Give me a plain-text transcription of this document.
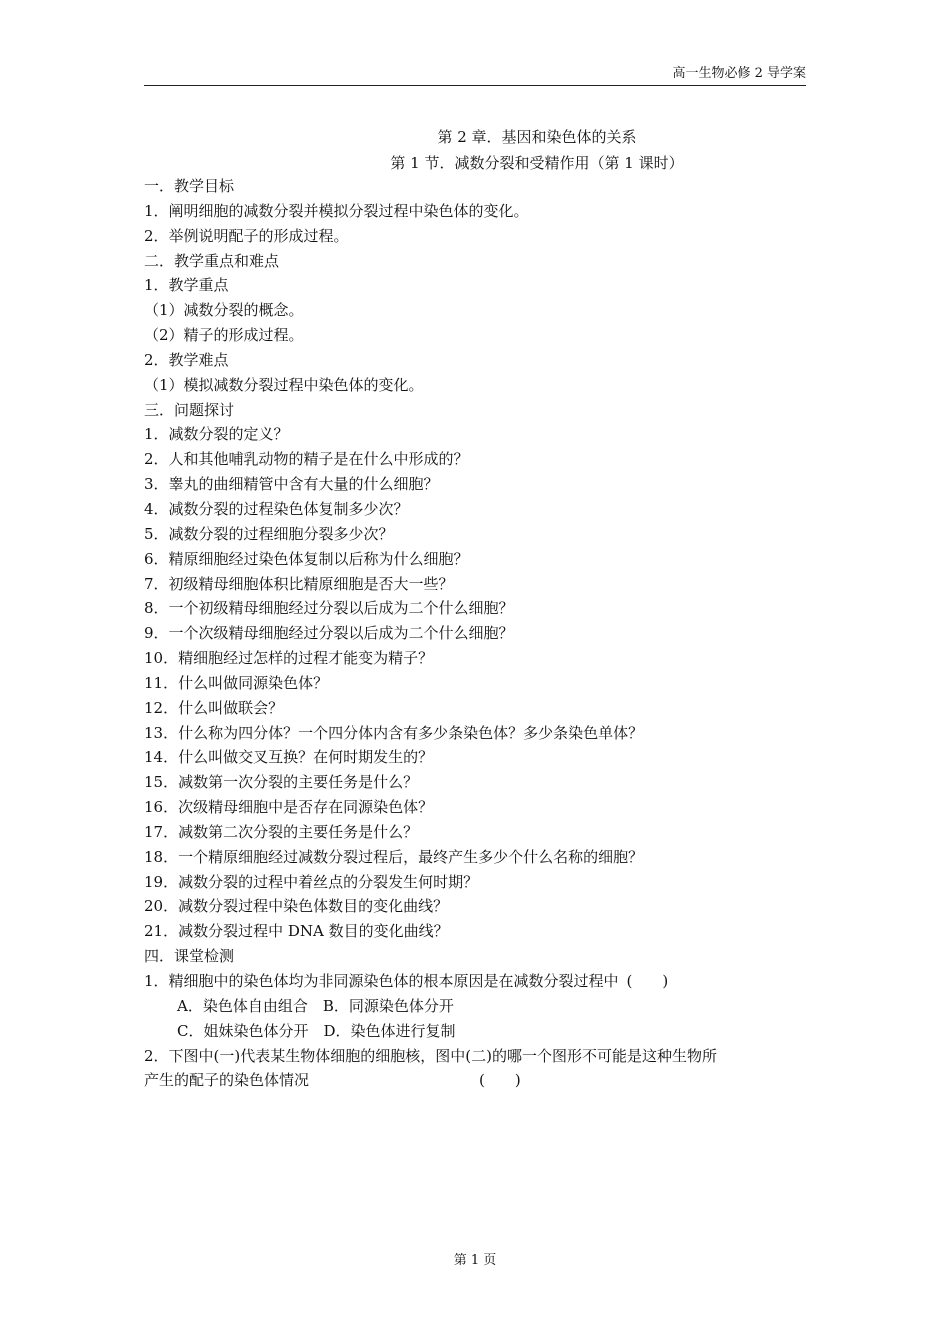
高一生物必修 2 导学案
第 2 章．基因和染色体的关系
第 1 节．减数分裂和受精作用（第 1 课时）
一．教学目标
1．阐明细胞的减数分裂并模拟分裂过程中染色体的变化。
2．举例说明配子的形成过程。
二．教学重点和难点
1．教学重点
（1）减数分裂的概念。
（2）精子的形成过程。
2．教学难点
（1）模拟减数分裂过程中染色体的变化。
三．问题探讨
1．减数分裂的定义？
2．人和其他哺乳动物的精子是在什么中形成的？
3．睾丸的曲细精管中含有大量的什么细胞？
4．减数分裂的过程染色体复制多少次？
5．减数分裂的过程细胞分裂多少次？
6．精原细胞经过染色体复制以后称为什么细胞？
7．初级精母细胞体积比精原细胞是否大一些？
8．一个初级精母细胞经过分裂以后成为二个什么细胞？
9．一个次级精母细胞经过分裂以后成为二个什么细胞？
10．精细胞经过怎样的过程才能变为精子？
11．什么叫做同源染色体？
12．什么叫做联会？
13．什么称为四分体？一个四分体内含有多少条染色体？多少条染色单体？
14．什么叫做交叉互换？在何时期发生的？
15．减数第一次分裂的主要任务是什么？
16．次级精母细胞中是否存在同源染色体？
17．减数第二次分裂的主要任务是什么？
18．一个精原细胞经过减数分裂过程后，最终产生多少个什么名称的细胞？
19．减数分裂的过程中着丝点的分裂发生何时期？
20．减数分裂过程中染色体数目的变化曲线？
21．减数分裂过程中 DNA 数目的变化曲线？
四．课堂检测
1．精细胞中的染色体均为非同源染色体的根本原因是在减数分裂过程中 (　　)
A．染色体自由组合　B．同源染色体分开
C．姐妹染色体分开　D．染色体进行复制
2．下图中(一)代表某生物体细胞的细胞核，图中(二)的哪一个图形不可能是这种生物所
产生的配子的染色体情况	(　　)
第 1 页
